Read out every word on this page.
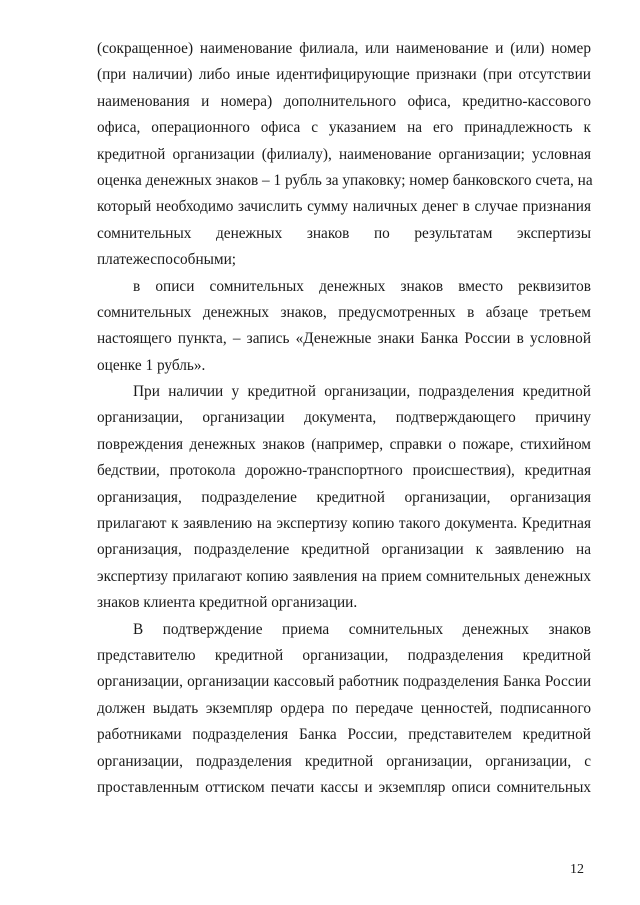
(сокращенное) наименование филиала, или наименование и (или) номер
(при наличии) либо иные идентифицирующие признаки (при отсутствии
наименования и номера) дополнительного офиса, кредитно-кассового
офиса, операционного офиса с указанием на его принадлежность к
кредитной организации (филиалу), наименование организации; условная
оценка денежных знаков – 1 рубль за упаковку; номер банковского счета, на
который необходимо зачислить сумму наличных денег в случае признания
сомнительных денежных знаков по результатам экспертизы
платежеспособными;
в описи сомнительных денежных знаков вместо реквизитов
сомнительных денежных знаков, предусмотренных в абзаце третьем
настоящего пункта, – запись «Денежные знаки Банка России в условной
оценке 1 рубль».
При наличии у кредитной организации, подразделения кредитной
организации, организации документа, подтверждающего причину
повреждения денежных знаков (например, справки о пожаре, стихийном
бедствии, протокола дорожно-транспортного происшествия), кредитная
организация, подразделение кредитной организации, организация
прилагают к заявлению на экспертизу копию такого документа. Кредитная
организация, подразделение кредитной организации к заявлению на
экспертизу прилагают копию заявления на прием сомнительных денежных
знаков клиента кредитной организации.
В подтверждение приема сомнительных денежных знаков
представителю кредитной организации, подразделения кредитной
организации, организации кассовый работник подразделения Банка России
должен выдать экземпляр ордера по передаче ценностей, подписанного
работниками подразделения Банка России, представителем кредитной
организации, подразделения кредитной организации, организации, с
проставленным оттиском печати кассы и экземпляр описи сомнительных
12
